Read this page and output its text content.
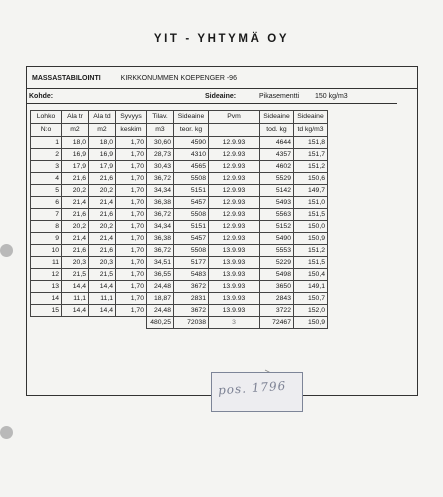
YIT - YHTYMÄ OY
MASSASTABILOINTI	KIRKKONUMMEN KOEPENGER -96
Kohde:	Sideaine:	Pikasementti 150 kg/m3
Lohko	Ala tr	Ala td	Syvyys	Tilav.	Sideaine	Pvm	Sideaine	Sideaine
N:o	m2	m2	keskim	m3	teor. kg		tod. kg	td kg/m3
1	18,0	18,0	1,70	30,60	4590	12.9.93	4644	151,8
2	16,9	16,9	1,70	28,73	4310	12.9.93	4357	151,7
3	17,9	17,9	1,70	30,43	4565	12.9.93	4602	151,2
4	21,6	21,6	1,70	36,72	5508	12.9.93	5529	150,6
5	20,2	20,2	1,70	34,34	5151	12.9.93	5142	149,7
6	21,4	21,4	1,70	36,38	5457	12.9.93	5493	151,0
7	21,6	21,6	1,70	36,72	5508	12.9.93	5563	151,5
8	20,2	20,2	1,70	34,34	5151	12.9.93	5152	150,0
9	21,4	21,4	1,70	36,38	5457	12.9.93	5490	150,9
10	21,6	21,6	1,70	36,72	5508	13.9.93	5553	151,2
11	20,3	20,3	1,70	34,51	5177	13.9.93	5229	151,5
12	21,5	21,5	1,70	36,55	5483	13.9.93	5498	150,4
13	14,4	14,4	1,70	24,48	3672	13.9.93	3650	149,1
14	11,1	11,1	1,70	18,87	2831	13.9.93	2843	150,7
15	14,4	14,4	1,70	24,48	3672	13.9.93	3722	152,0
				480,25	72038	3	72467	150,9
pos. 1796
